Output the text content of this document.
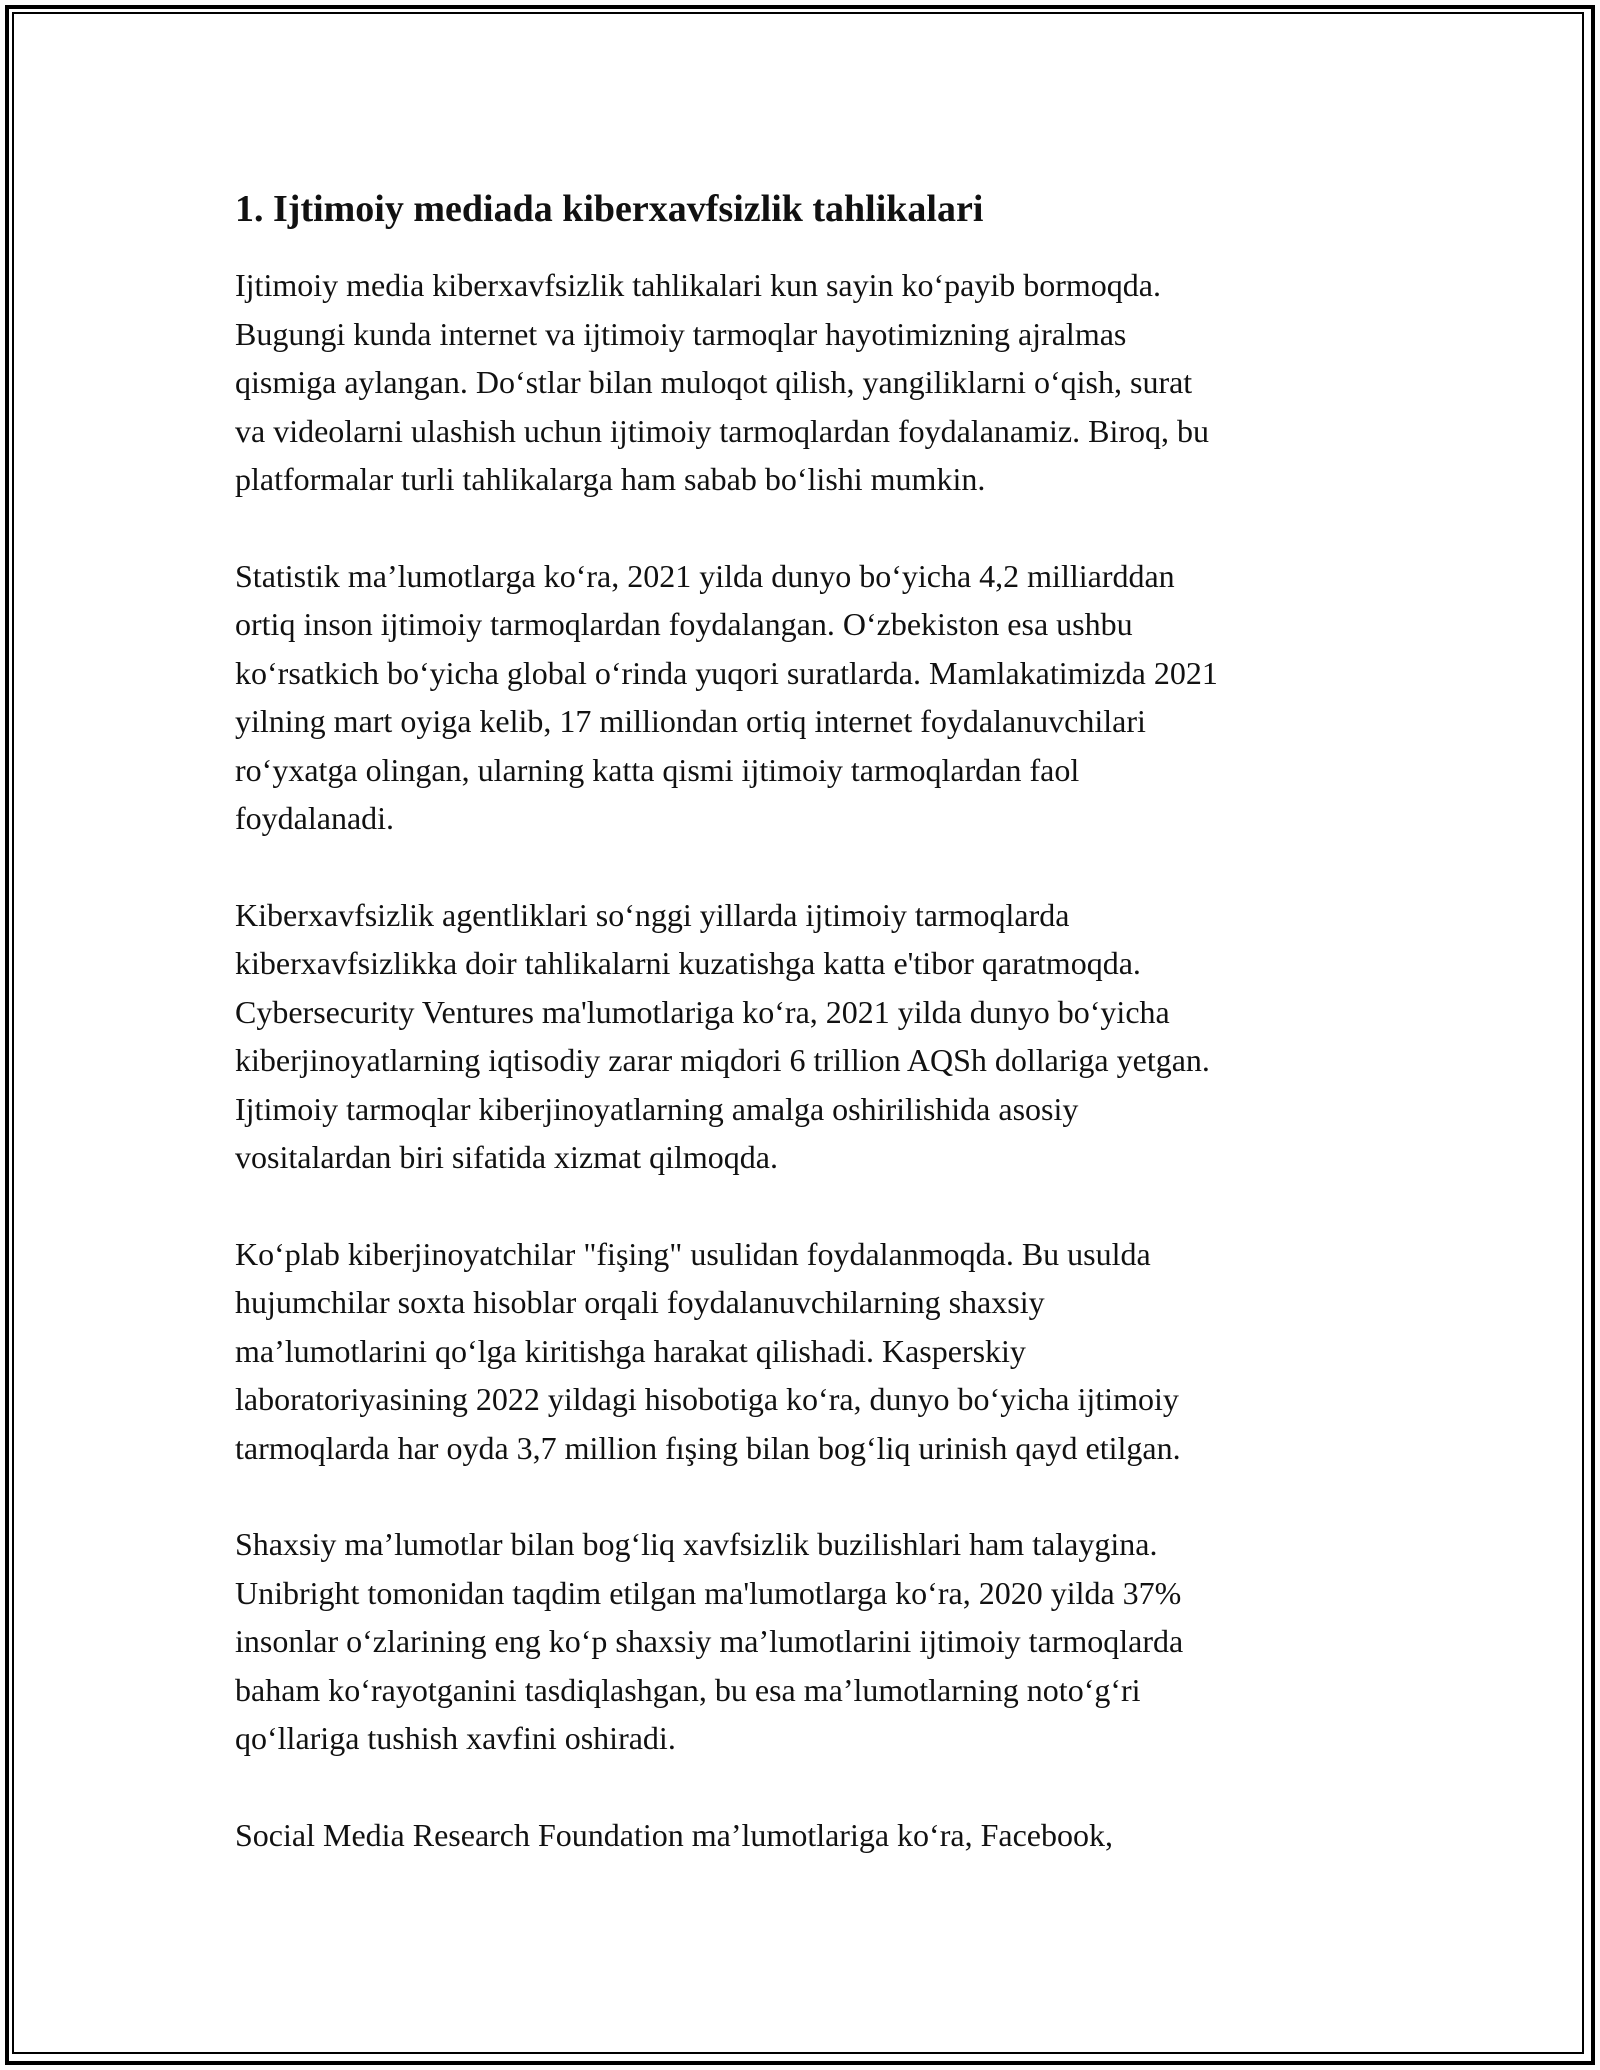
1. Ijtimoiy mediada kiberxavfsizlik tahlikalari
Ijtimoiy media kiberxavfsizlik tahlikalari kun sayin ko‘payib bormoqda.
Bugungi kunda internet va ijtimoiy tarmoqlar hayotimizning ajralmas
qismiga aylangan. Do‘stlar bilan muloqot qilish, yangiliklarni o‘qish, surat
va videolarni ulashish uchun ijtimoiy tarmoqlardan foydalanamiz. Biroq, bu
platformalar turli tahlikalarga ham sabab bo‘lishi mumkin.
Statistik ma’lumotlarga ko‘ra, 2021 yilda dunyo bo‘yicha 4,2 milliarddan
ortiq inson ijtimoiy tarmoqlardan foydalangan. O‘zbekiston esa ushbu
ko‘rsatkich bo‘yicha global o‘rinda yuqori suratlarda. Mamlakatimizda 2021
yilning mart oyiga kelib, 17 milliondan ortiq internet foydalanuvchilari
ro‘yxatga olingan, ularning katta qismi ijtimoiy tarmoqlardan faol
foydalanadi.
Kiberxavfsizlik agentliklari so‘nggi yillarda ijtimoiy tarmoqlarda
kiberxavfsizlikka doir tahlikalarni kuzatishga katta e'tibor qaratmoqda.
Cybersecurity Ventures ma'lumotlariga ko‘ra, 2021 yilda dunyo bo‘yicha
kiberjinoyatlarning iqtisodiy zarar miqdori 6 trillion AQSh dollariga yetgan.
Ijtimoiy tarmoqlar kiberjinoyatlarning amalga oshirilishida asosiy
vositalardan biri sifatida xizmat qilmoqda.
Ko‘plab kiberjinoyatchilar "fişing" usulidan foydalanmoqda. Bu usulda
hujumchilar soxta hisoblar orqali foydalanuvchilarning shaxsiy
ma’lumotlarini qo‘lga kiritishga harakat qilishadi. Kasperskiy
laboratoriyasining 2022 yildagi hisobotiga ko‘ra, dunyo bo‘yicha ijtimoiy
tarmoqlarda har oyda 3,7 million fışing bilan bog‘liq urinish qayd etilgan.
Shaxsiy ma’lumotlar bilan bog‘liq xavfsizlik buzilishlari ham talaygina.
Unibright tomonidan taqdim etilgan ma'lumotlarga ko‘ra, 2020 yilda 37%
insonlar o‘zlarining eng ko‘p shaxsiy ma’lumotlarini ijtimoiy tarmoqlarda
baham ko‘rayotganini tasdiqlashgan, bu esa ma’lumotlarning noto‘g‘ri
qo‘llariga tushish xavfini oshiradi.
Social Media Research Foundation ma’lumotlariga ko‘ra, Facebook,
